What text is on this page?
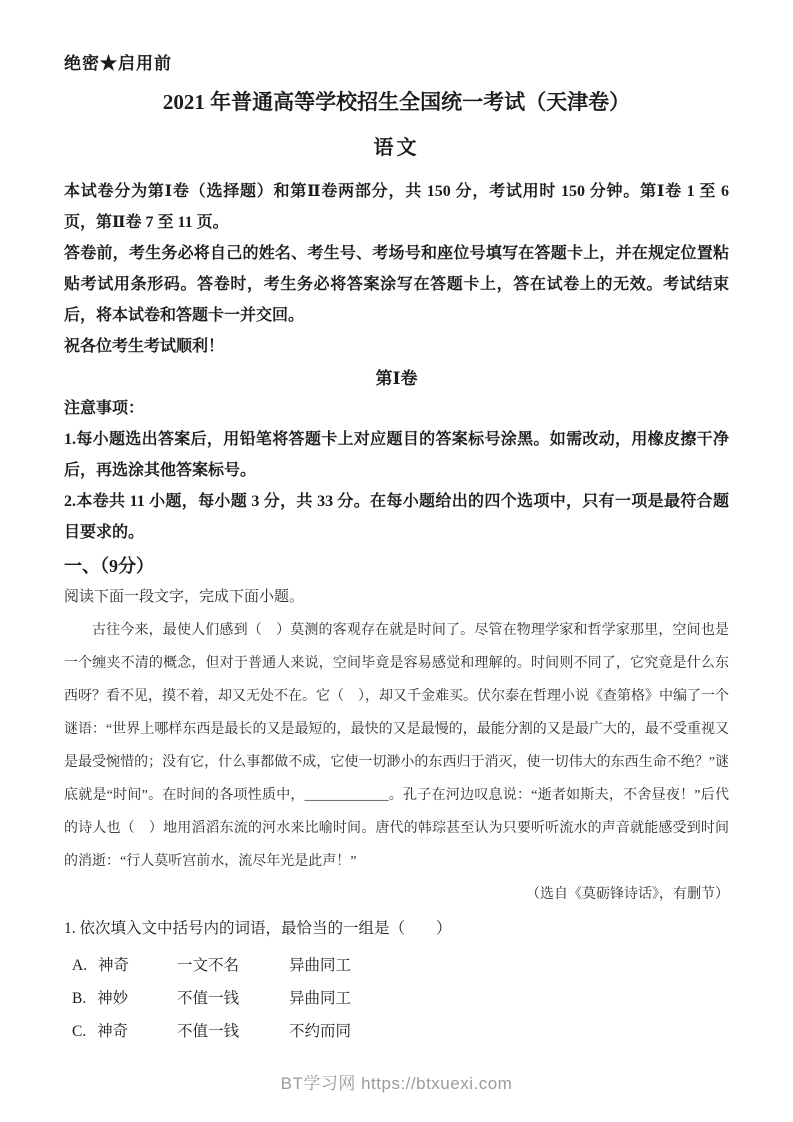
绝密★启用前
2021 年普通高等学校招生全国统一考试（天津卷）
语文

本试卷分为第Ⅰ卷（选择题）和第Ⅱ卷两部分，共 150 分，考试用时 150 分钟。第Ⅰ卷 1 至 6 页，第Ⅱ卷 7 至 11 页。

答卷前，考生务必将自己的姓名、考生号、考场号和座位号填写在答题卡上，并在规定位置粘贴考试用条形码。答卷时，考生务必将答案涂写在答题卡上，答在试卷上的无效。考试结束后，将本试卷和答题卡一并交回。

祝各位考生考试顺利！

第Ⅰ卷
注意事项：

1.每小题选出答案后，用铅笔将答题卡上对应题目的答案标号涂黑。如需改动，用橡皮擦干净后，再选涂其他答案标号。

2.本卷共 11 小题，每小题 3 分，共 33 分。在每小题给出的四个选项中，只有一项是最符合题目要求的。

一、（9分）
阅读下面一段文字，完成下面小题。

古往今来，最使人们感到（　）莫测的客观存在就是时间了。尽管在物理学家和哲学家那里，空间也是一个缠夹不清的概念，但对于普通人来说，空间毕竟是容易感觉和理解的。时间则不同了，它究竟是什么东西呀？看不见，摸不着，却又无处不在。它（　），却又千金难买。伏尔泰在哲理小说《查第格》中编了一个谜语：“世界上哪样东西是最长的又是最短的，最快的又是最慢的，最能分割的又是最广大的，最不受重视又是最受惋惜的；没有它，什么事都做不成，它使一切渺小的东西归于消灭，使一切伟大的东西生命不绝？”谜底就是“时间”。在时间的各项性质中，____________。孔子在河边叹息说：“逝者如斯夫，不舍昼夜！”后代的诗人也（　）地用滔滔东流的河水来比喻时间。唐代的韩琮甚至认为只要听听流水的声音就能感受到时间的消逝：“行人莫听宫前水，流尽年光是此声！”

（选自《莫砺锋诗话》，有删节）
1. 依次填入文中括号内的词语，最恰当的一组是（　　）
A. 神奇	一文不名	异曲同工
B. 神妙	不值一钱	异曲同工
C. 神奇	不值一钱	不约而同
BT学习网 https://btxuexi.com
